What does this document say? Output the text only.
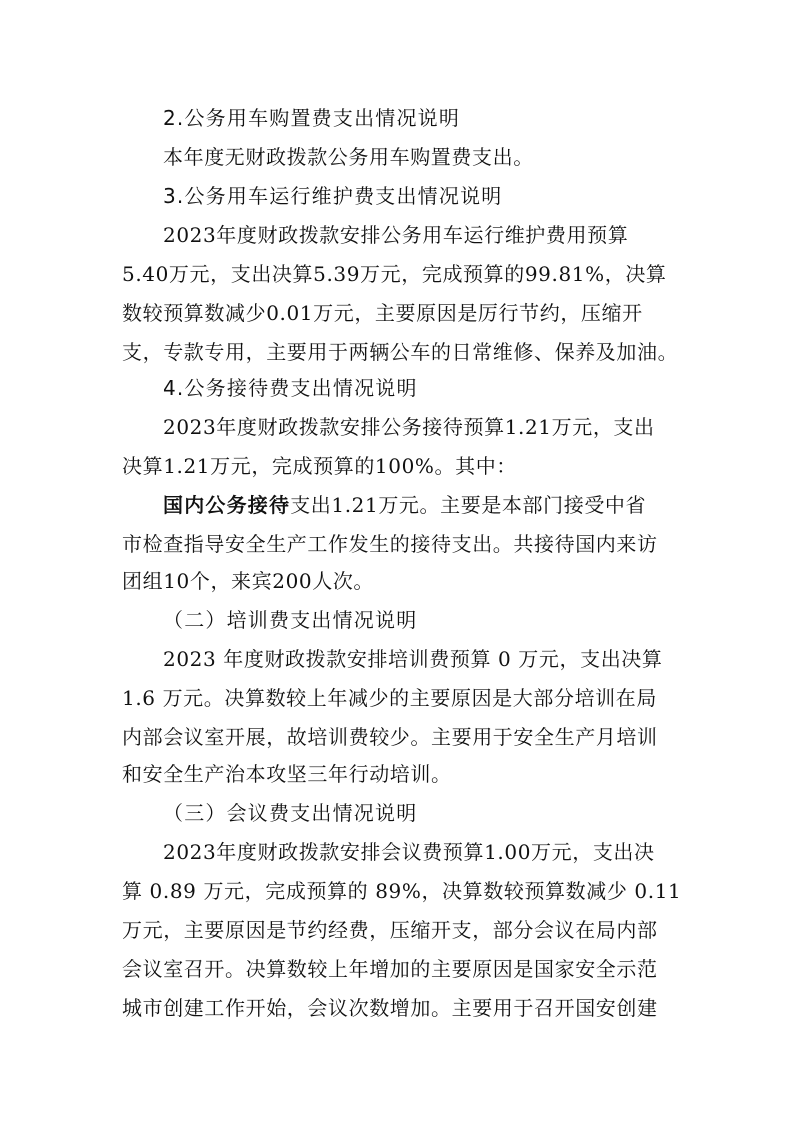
2.公务用车购置费支出情况说明
本年度无财政拨款公务用车购置费支出。
3.公务用车运行维护费支出情况说明
2023年度财政拨款安排公务用车运行维护费用预算
5.40万元，支出决算5.39万元，完成预算的99.81%，决算
数较预算数减少0.01万元，主要原因是厉行节约，压缩开
支，专款专用，主要用于两辆公车的日常维修、保养及加油。
4.公务接待费支出情况说明
2023年度财政拨款安排公务接待预算1.21万元，支出
决算1.21万元，完成预算的100%。其中：
国内公务接待支出1.21万元。主要是本部门接受中省
市检查指导安全生产工作发生的接待支出。共接待国内来访
团组10个，来宾200人次。
（二）培训费支出情况说明
2023 年度财政拨款安排培训费预算 0 万元，支出决算
1.6 万元。决算数较上年减少的主要原因是大部分培训在局
内部会议室开展，故培训费较少。主要用于安全生产月培训
和安全生产治本攻坚三年行动培训。
（三）会议费支出情况说明
2023年度财政拨款安排会议费预算1.00万元，支出决
算 0.89 万元，完成预算的 89%，决算数较预算数减少 0.11
万元，主要原因是节约经费，压缩开支，部分会议在局内部
会议室召开。决算数较上年增加的主要原因是国家安全示范
城市创建工作开始，会议次数增加。主要用于召开国安创建
